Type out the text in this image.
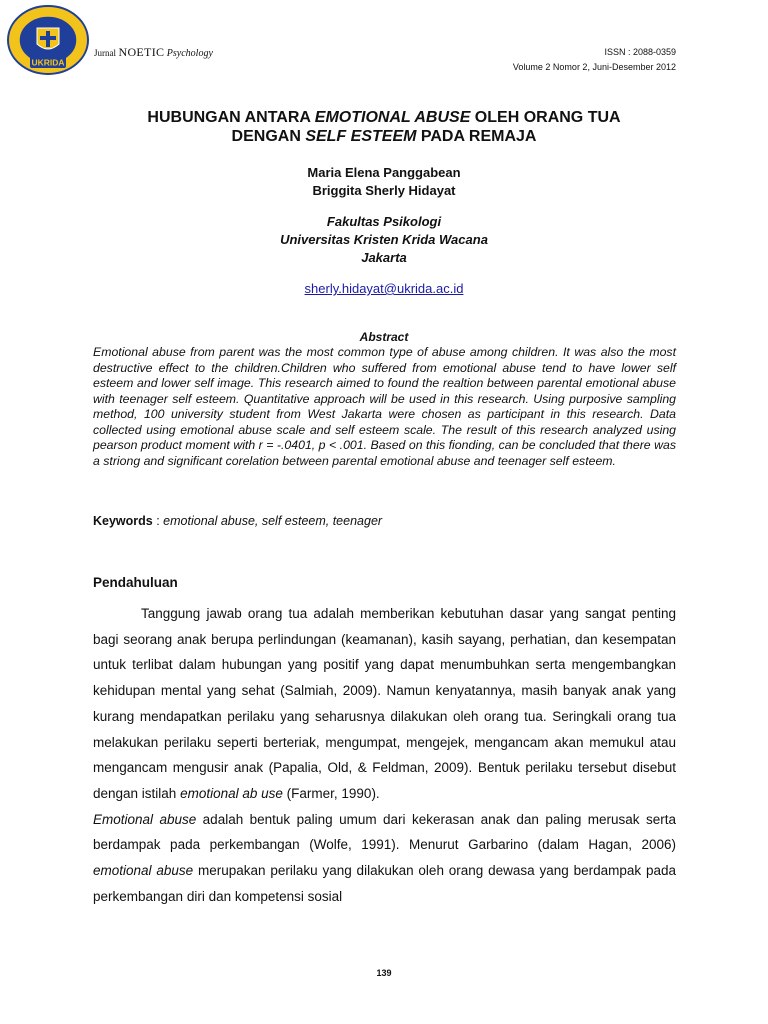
UKRIDA
Jurnal NOETIC Psychology	ISSN : 2088-0359
Volume 2 Nomor 2, Juni-Desember 2012
HUBUNGAN ANTARA EMOTIONAL ABUSE OLEH ORANG TUA
DENGAN SELF ESTEEM PADA REMAJA
Maria Elena Panggabean
Briggita Sherly Hidayat
Fakultas Psikologi
Universitas Kristen Krida Wacana
Jakarta
sherly.hidayat@ukrida.ac.id
Abstract
Emotional abuse from parent was the most common type of abuse among children. It was also the most destructive effect to the children.Children who suffered from emotional abuse tend to have lower self esteem and lower self image. This research aimed to found the realtion between parental emotional abuse with teenager self esteem. Quantitative approach will be used in this research. Using purposive sampling method, 100 university student from West Jakarta were chosen as participant in this research. Data collected using emotional abuse scale and self esteem scale. The result of this research analyzed using pearson product moment with r = -.0401, p < .001. Based on this fionding, can be concluded that there was a striong and significant corelation between parental emotional abuse and teenager self esteem.
Keywords : emotional abuse, self esteem, teenager
Pendahuluan

Tanggung jawab orang tua adalah memberikan kebutuhan dasar yang sangat penting bagi seorang anak berupa perlindungan (keamanan), kasih sayang, perhatian, dan kesempatan untuk terlibat dalam hubungan yang positif yang dapat menumbuhkan serta mengembangkan kehidupan mental yang sehat (Salmiah, 2009). Namun kenyatannya, masih banyak anak yang kurang mendapatkan perilaku yang seharusnya dilakukan oleh orang tua. Seringkali orang tua melakukan perilaku seperti berteriak, mengumpat, mengejek, mengancam akan memukul atau mengancam mengusir anak (Papalia, Old, & Feldman, 2009). Bentuk perilaku tersebut disebut dengan istilah emotional ab use (Farmer, 1990).

Emotional abuse adalah bentuk paling umum dari kekerasan anak dan paling merusak serta berdampak pada perkembangan (Wolfe, 1991). Menurut Garbarino (dalam Hagan, 2006) emotional abuse merupakan perilaku yang dilakukan oleh orang dewasa yang berdampak pada perkembangan diri dan kompetensi sosial

139
